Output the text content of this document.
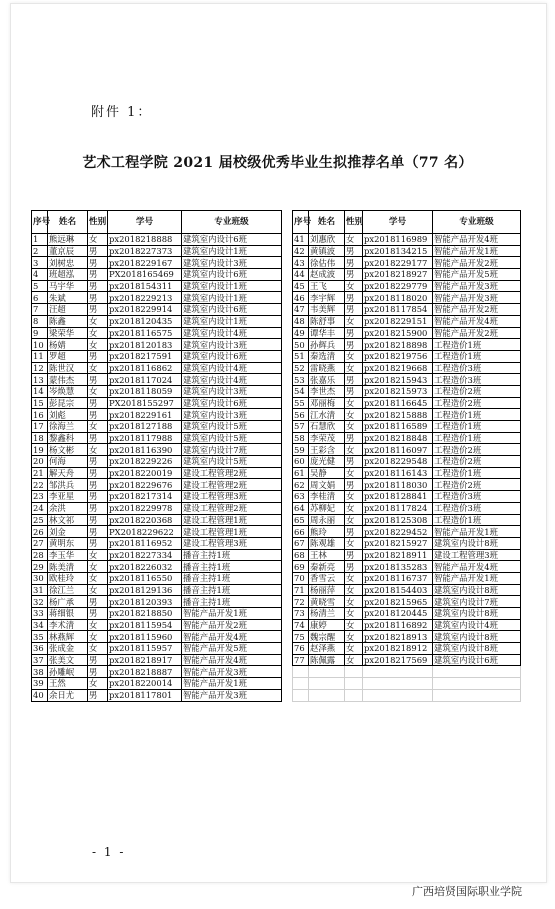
附件 1：
艺术工程学院 2021 届校级优秀毕业生拟推荐名单（77 名）
序号	姓名	性别	学号	专业班级
1	熊远琳	女	px2018218888	建筑室内设计6班
2	董京辰	男	px2018227373	建筑室内设计1班
3	刘树忠	男	px2018229167	建筑室内设计3班
4	班超泓	男	PX2018165469	建筑室内设计6班
5	马宇华	男	px2018154311	建筑室内设计1班
6	朱斌	男	px2018229213	建筑室内设计1班
7	汪超	男	px2018229914	建筑室内设计6班
8	陈鑫	女	px2018120435	建筑室内设计1班
9	梁荣华	女	px2018116575	建筑室内设计4班
10	杨婧	女	px2018120183	建筑室内设计3班
11	罗超	男	px2018217591	建筑室内设计6班
12	陈世汉	女	px2018116862	建筑室内设计4班
13	蒙伟杰	男	px2018117024	建筑室内设计4班
14	岑焕慧	女	px2018118059	建筑室内设计3班
15	彭昆宗	男	PX2018155297	建筑室内设计6班
16	刘彪	男	px2018229161	建筑室内设计3班
17	徐海兰	女	px2018127188	建筑室内设计5班
18	黎鑫科	男	px2018117988	建筑室内设计5班
19	杨文彬	女	px2018116390	建筑室内设计7班
20	何海	男	px2018229226	建筑室内设计5班
21	解天舟	男	px2018220019	建设工程管理2班
22	邹洪兵	男	px2018229676	建设工程管理2班
23	李亚星	男	px2018217314	建设工程管理3班
24	余洪	男	px2018229978	建设工程管理2班
25	林文祁	男	px2018220368	建设工程管理1班
26	刘金	男	PX2018229622	建设工程管理1班
27	黄明东	男	px2018116952	建设工程管理3班
28	李玉华	女	px2018227334	播音主持1班
29	陈美清	女	px2018226032	播音主持1班
30	欧桂玲	女	px2018116550	播音主持1班
31	徐江兰	女	px2018129136	播音主持1班
32	杨广承	男	px2018120393	播音主持1班
33	蒋细银	男	px2018218850	智能产品开发1班
34	李术清	女	px2018115954	智能产品开发2班
35	林燕辉	女	px2018115960	智能产品开发4班
36	张成金	女	px2018115957	智能产品开发5班
37	张美文	男	px2018218917	智能产品开发4班
38	孙雕岷	男	px2018218887	智能产品开发3班
39	王然	女	px2018220014	智能产品开发1班
40	余日尤	男	px2018117801	智能产品开发3班
序号	姓名	性别	学号	专业班级
41	刘惠欣	女	px2018116989	智能产品开发4班
42	黄镇波	男	px2018134215	智能产品开发1班
43	徐估伟	男	px2018229177	智能产品开发2班
44	赵成波	男	px2018218927	智能产品开发5班
45	王飞	女	px2018229779	智能产品开发3班
46	李宇辉	男	px2018118020	智能产品开发3班
47	韦美辉	男	px2018117854	智能产品开发2班
48	陈舒事	女	px2018229151	智能产品开发4班
49	谭华丰	男	px2018215900	智能产品开发2班
50	孙辉兵	男	px2018218898	工程造价1班
51	秦选清	女	px2018219756	工程造价1班
52	雷晓燕	女	px2018219668	工程造价3班
53	张嘉乐	男	px2018215943	工程造价3班
54	李世杰	男	px2018215973	工程造价2班
55	邓丽梅	女	px2018116645	工程造价2班
56	江水清	女	px2018215888	工程造价1班
57	石慧欣	女	px2018116589	工程造价1班
58	李荣茂	男	px2018218848	工程造价1班
59	王彩含	女	px2018116097	工程造价2班
60	庞光健	男	px2018229548	工程造价2班
61	吴静	女	px2018116143	工程造价1班
62	周文娟	男	px2018118030	工程造价2班
63	李桂清	女	px2018128841	工程造价3班
64	苏柳妃	女	px2018117824	工程造价3班
65	周永丽	女	px2018125308	工程造价1班
66	熊玲	男	px2018229452	智能产品开发1班
67	陈观雄	女	px2018215927	建筑室内设计8班
68	王林	男	px2018218911	建设工程管理3班
69	秦新亮	男	px2018135283	智能产品开发4班
70	香雪云	女	px2018116737	智能产品开发1班
71	杨丽萍	女	px2018154403	建筑室内设计8班
72	黄晓雪	女	px2018215965	建筑室内设计7班
73	杨清兰	女	px2018120445	建筑室内设计8班
74	康婷	女	px2018116892	建筑室内设计4班
75	魏宗醒	女	px2018218913	建筑室内设计8班
76	赵泽燕	女	px2018218912	建筑室内设计8班
77	陈佩露	女	px2018217569	建筑室内设计6班

- 1 -
广西培贤国际职业学院
